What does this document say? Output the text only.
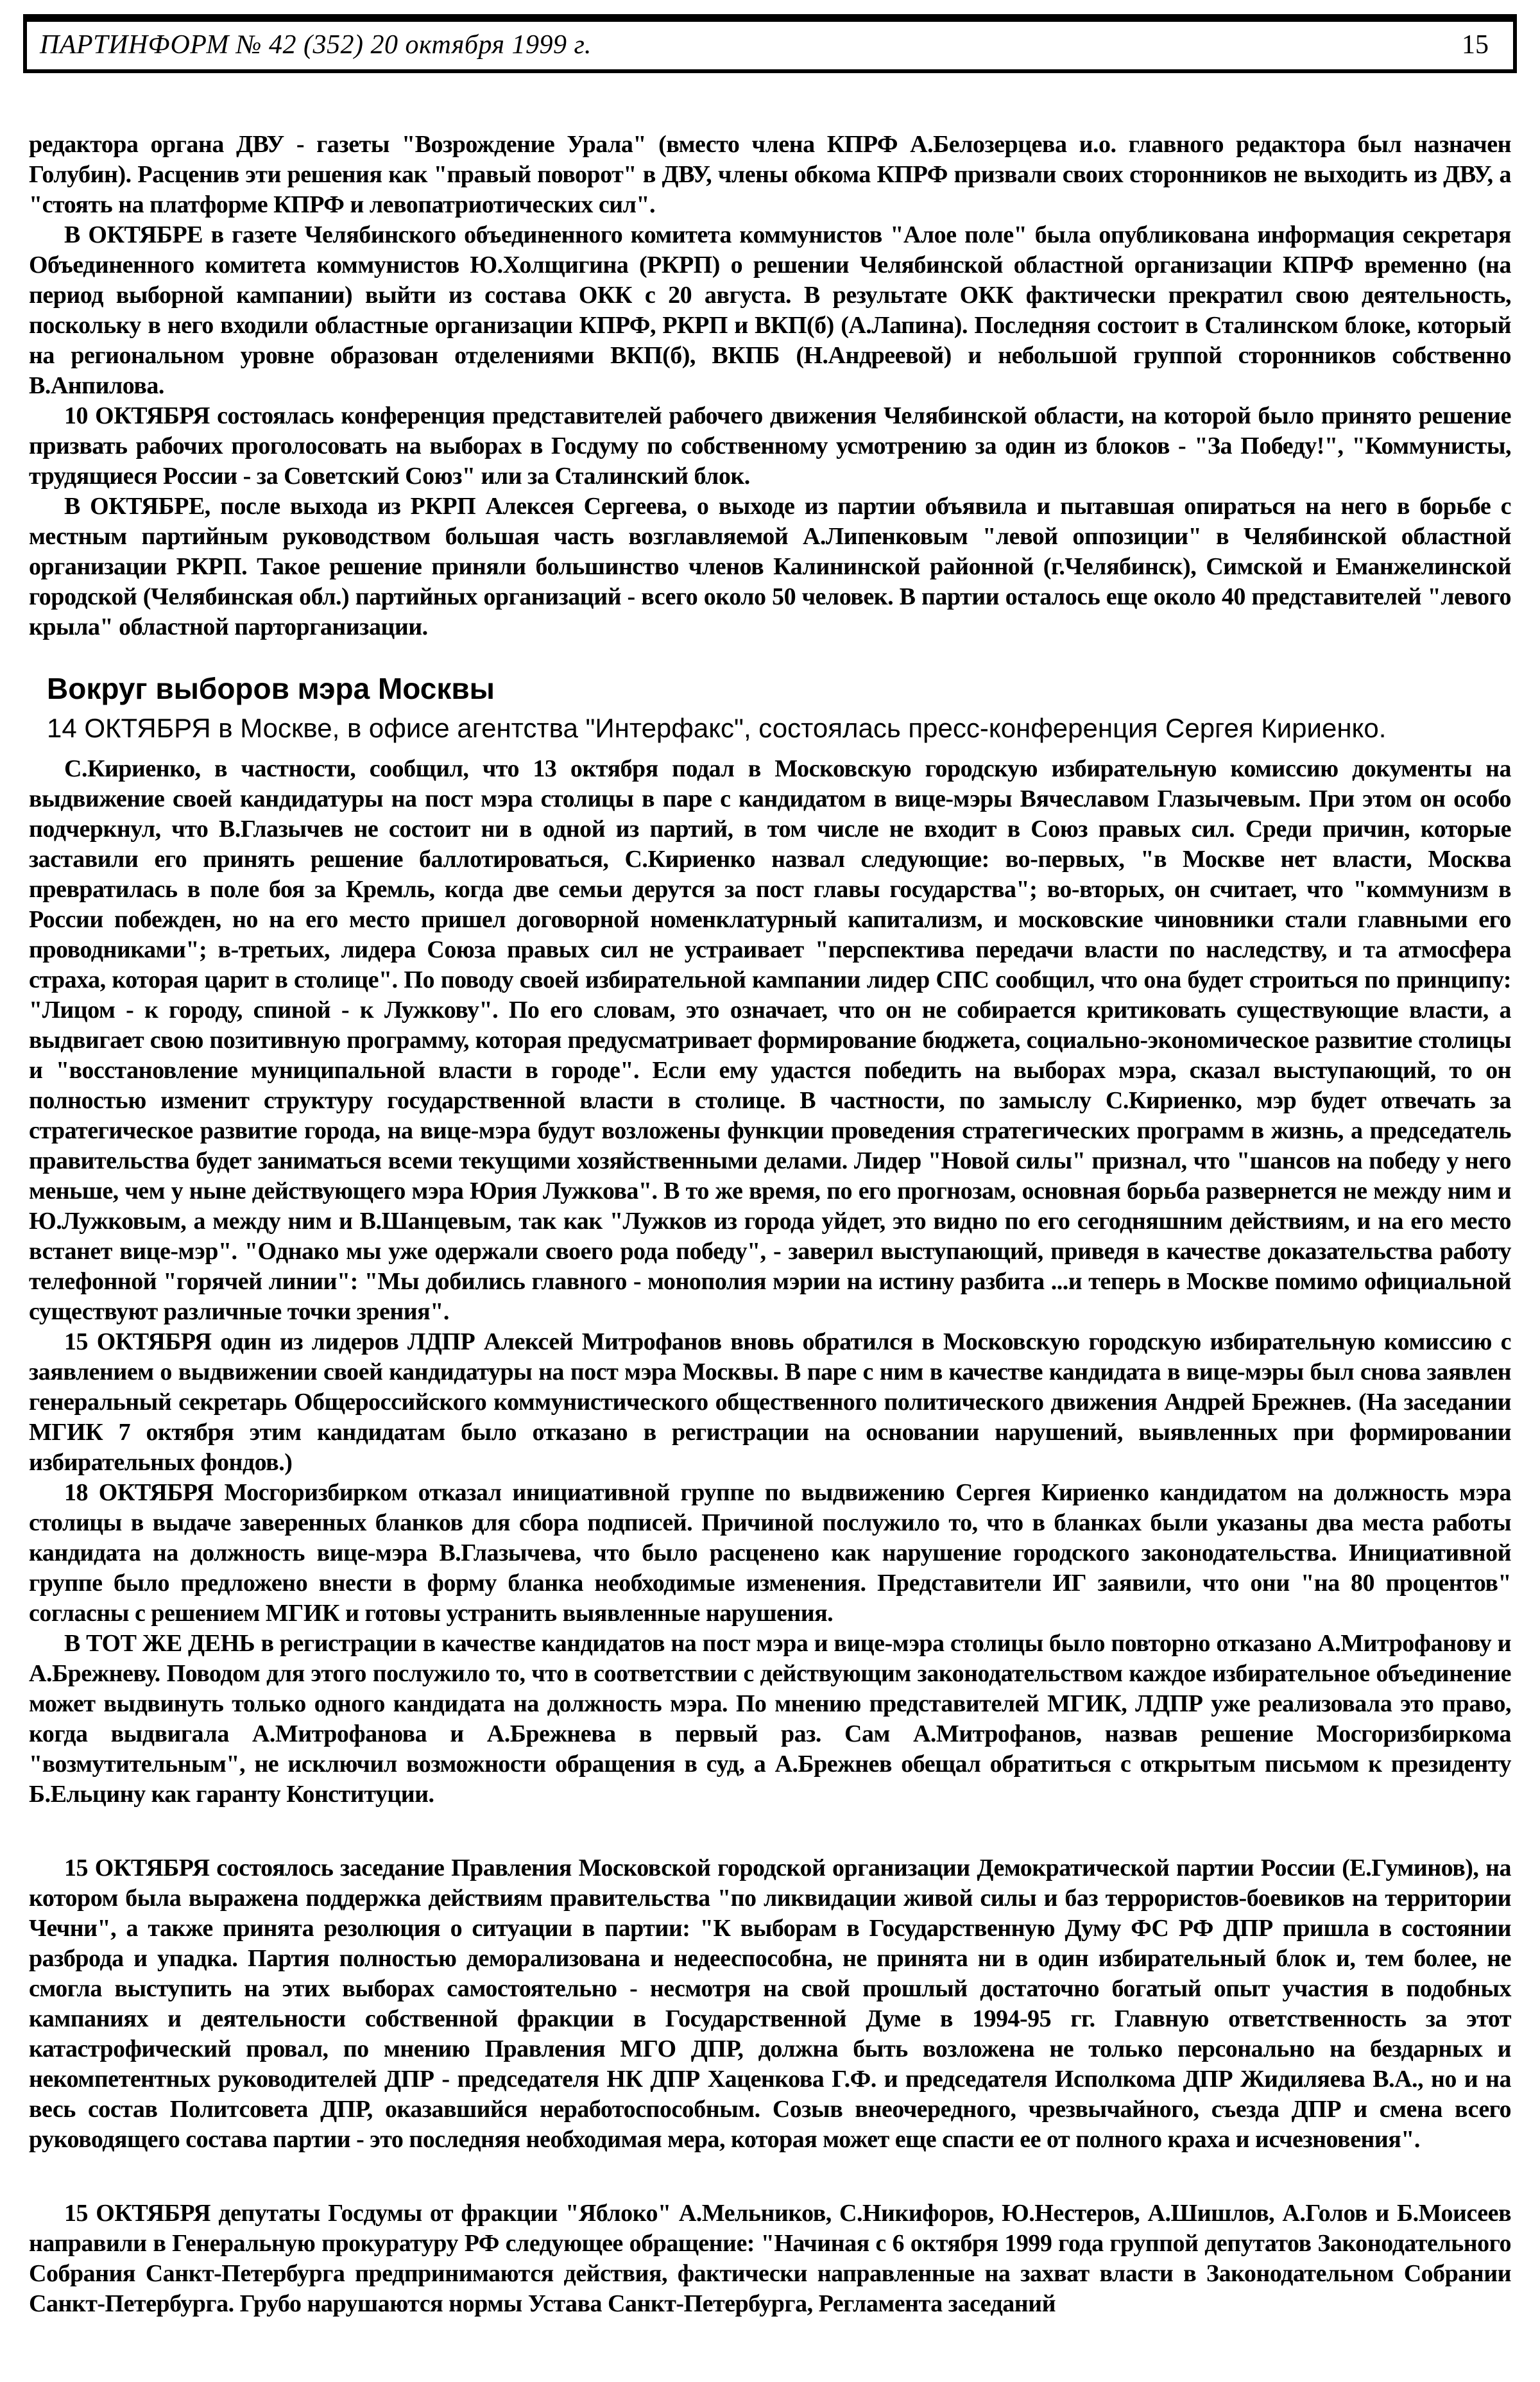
ПАРТИНФОРМ № 42 (352) 20 октября 1999 г.	15

редактора органа ДВУ - газеты "Возрождение Урала" (вместо члена КПРФ А.Белозерцева и.о. главного редактора был назначен Голубин). Расценив эти решения как "правый поворот" в ДВУ, члены обкома КПРФ призвали своих сторонников не выходить из ДВУ, а "стоять на платформе КПРФ и левопатриотических сил".

В ОКТЯБРЕ в газете Челябинского объединенного комитета коммунистов "Алое поле" была опубликована информация секретаря Объединенного комитета коммунистов Ю.Холщигина (РКРП) о решении Челябинской областной организации КПРФ временно (на период выборной кампании) выйти из состава ОКК с 20 августа. В результате ОКК фактически прекратил свою деятельность, поскольку в него входили областные организации КПРФ, РКРП и ВКП(б) (А.Лапина). Последняя состоит в Сталинском блоке, который на региональном уровне образован отделениями ВКП(б), ВКПБ (Н.Андреевой) и небольшой группой сторонников собственно В.Анпилова.

10 ОКТЯБРЯ состоялась конференция представителей рабочего движения Челябинской области, на которой было принято решение призвать рабочих проголосовать на выборах в Госдуму по собственному усмотрению за один из блоков - "За Победу!", "Коммунисты, трудящиеся России - за Советский Союз" или за Сталинский блок.

В ОКТЯБРЕ, после выхода из РКРП Алексея Сергеева, о выходе из партии объявила и пытавшая опираться на него в борьбе с местным партийным руководством большая часть возглавляемой А.Липенковым "левой оппозиции" в Челябинской областной организации РКРП. Такое решение приняли большинство членов Калининской районной (г.Челябинск), Симской и Еманжелинской городской (Челябинская обл.) партийных организаций - всего около 50 человек. В партии осталось еще около 40 представителей "левого крыла" областной парторганизации.

Вокруг выборов мэра Москвы

14 ОКТЯБРЯ в Москве, в офисе агентства "Интерфакс", состоялась пресс-конференция Сергея Кириенко.

С.Кириенко, в частности, сообщил, что 13 октября подал в Московскую городскую избирательную комиссию документы на выдвижение своей кандидатуры на пост мэра столицы в паре с кандидатом в вице-мэры Вячеславом Глазычевым. При этом он особо подчеркнул, что В.Глазычев не состоит ни в одной из партий, в том числе не входит в Союз правых сил. Среди причин, которые заставили его принять решение баллотироваться, С.Кириенко назвал следующие: во-первых, "в Москве нет власти, Москва превратилась в поле боя за Кремль, когда две семьи дерутся за пост главы государства"; во-вторых, он считает, что "коммунизм в России побежден, но на его место пришел договорной номенклатурный капитализм, и московские чиновники стали главными его проводниками"; в-третьих, лидера Союза правых сил не устраивает "перспектива передачи власти по наследству, и та атмосфера страха, которая царит в столице". По поводу своей избирательной кампании лидер СПС сообщил, что она будет строиться по принципу: "Лицом - к городу, спиной - к Лужкову". По его словам, это означает, что он не собирается критиковать существующие власти, а выдвигает свою позитивную программу, которая предусматривает формирование бюджета, социально-экономическое развитие столицы и "восстановление муниципальной власти в городе". Если ему удастся победить на выборах мэра, сказал выступающий, то он полностью изменит структуру государственной власти в столице. В частности, по замыслу С.Кириенко, мэр будет отвечать за стратегическое развитие города, на вице-мэра будут возложены функции проведения стратегических программ в жизнь, а председатель правительства будет заниматься всеми текущими хозяйственными делами. Лидер "Новой силы" признал, что "шансов на победу у него меньше, чем у ныне действующего мэра Юрия Лужкова". В то же время, по его прогнозам, основная борьба развернется не между ним и Ю.Лужковым, а между ним и В.Шанцевым, так как "Лужков из города уйдет, это видно по его сегодняшним действиям, и на его место встанет вице-мэр". "Однако мы уже одержали своего рода победу", - заверил выступающий, приведя в качестве доказательства работу телефонной "горячей линии": "Мы добились главного - монополия мэрии на истину разбита ...и теперь в Москве помимо официальной существуют различные точки зрения".

15 ОКТЯБРЯ один из лидеров ЛДПР Алексей Митрофанов вновь обратился в Московскую городскую избирательную комиссию с заявлением о выдвижении своей кандидатуры на пост мэра Москвы. В паре с ним в качестве кандидата в вице-мэры был снова заявлен генеральный секретарь Общероссийского коммунистического общественного политического движения Андрей Брежнев. (На заседании МГИК 7 октября этим кандидатам было отказано в регистрации на основании нарушений, выявленных при формировании избирательных фондов.)

18 ОКТЯБРЯ Мосгоризбирком отказал инициативной группе по выдвижению Сергея Кириенко кандидатом на должность мэра столицы в выдаче заверенных бланков для сбора подписей. Причиной послужило то, что в бланках были указаны два места работы кандидата на должность вице-мэра В.Глазычева, что было расценено как нарушение городского законодательства. Инициативной группе было предложено внести в форму бланка необходимые изменения. Представители ИГ заявили, что они "на 80 процентов" согласны с решением МГИК и готовы устранить выявленные нарушения.

В ТОТ ЖЕ ДЕНЬ в регистрации в качестве кандидатов на пост мэра и вице-мэра столицы было повторно отказано А.Митрофанову и А.Брежневу. Поводом для этого послужило то, что в соответствии с действующим законодательством каждое избирательное объединение может выдвинуть только одного кандидата на должность мэра. По мнению представителей МГИК, ЛДПР уже реализовала это право, когда выдвигала А.Митрофанова и А.Брежнева в первый раз. Сам А.Митрофанов, назвав решение Мосгоризбиркома "возмутительным", не исключил возможности обращения в суд, а А.Брежнев обещал обратиться с открытым письмом к президенту Б.Ельцину как гаранту Конституции.

15 ОКТЯБРЯ состоялось заседание Правления Московской городской организации Демократической партии России (Е.Гуминов), на котором была выражена поддержка действиям правительства "по ликвидации живой силы и баз террористов-боевиков на территории Чечни", а также принята резолюция о ситуации в партии: "К выборам в Государственную Думу ФС РФ ДПР пришла в состоянии разброда и упадка. Партия полностью деморализована и недееспособна, не принята ни в один избирательный блок и, тем более, не смогла выступить на этих выборах самостоятельно - несмотря на свой прошлый достаточно богатый опыт участия в подобных кампаниях и деятельности собственной фракции в Государственной Думе в 1994-95 гг. Главную ответственность за этот катастрофический провал, по мнению Правления МГО ДПР, должна быть возложена не только персонально на бездарных и некомпетентных руководителей ДПР - председателя НК ДПР Хаценкова Г.Ф. и председателя Исполкома ДПР Жидиляева В.А., но и на весь состав Политсовета ДПР, оказавшийся неработоспособным. Созыв внеочередного, чрезвычайного, съезда ДПР и смена всего руководящего состава партии - это последняя необходимая мера, которая может еще спасти ее от полного краха и исчезновения".

15 ОКТЯБРЯ депутаты Госдумы от фракции "Яблоко" А.Мельников, С.Никифоров, Ю.Нестеров, А.Шишлов, А.Голов и Б.Моисеев направили в Генеральную прокуратуру РФ следующее обращение: "Начиная с 6 октября 1999 года группой депутатов Законодательного Собрания Санкт-Петербурга предпринимаются действия, фактически направленные на захват власти в Законодательном Собрании Санкт-Петербурга. Грубо нарушаются нормы Устава Санкт-Петербурга, Регламента заседаний
